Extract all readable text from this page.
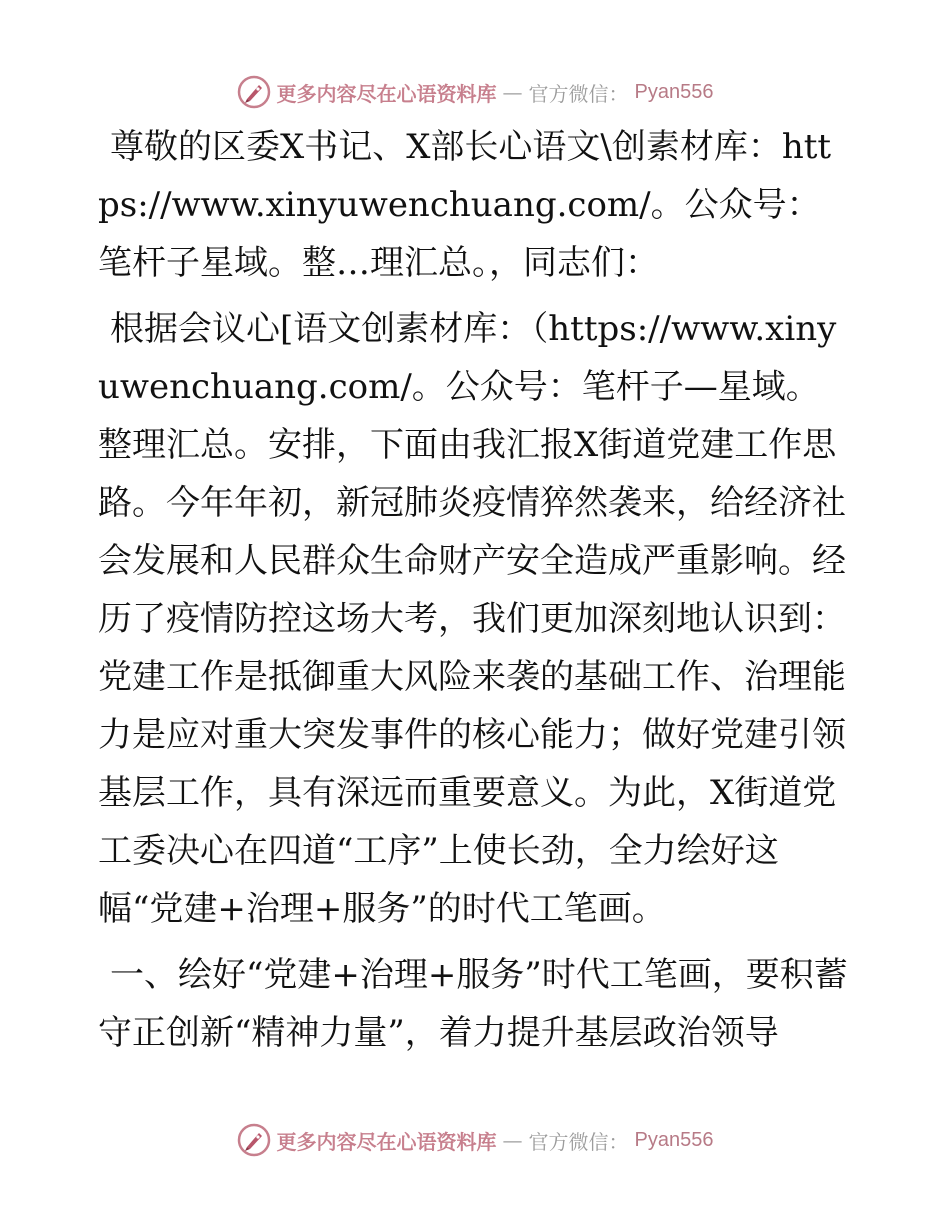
更多内容尽在心语资料库 — 官方微信： Pyan556

尊敬的区委X书记、X部长心语文\创素材库：https://www.xinyuwenchuang.com/。公众号：笔杆子星域。整…理汇总。，同志们：

根据会议心[语文创素材库：（https://www.xinyuwenchuang.com/。公众号：笔杆子—星域。整理汇总。安排，下面由我汇报X街道党建工作思路。今年年初，新冠肺炎疫情猝然袭来，给经济社会发展和人民群众生命财产安全造成严重影响。经历了疫情防控这场大考，我们更加深刻地认识到：党建工作是抵御重大风险来袭的基础工作、治理能力是应对重大突发事件的核心能力；做好党建引领基层工作，具有深远而重要意义。为此，X街道党工委决心在四道“工序”上使长劲，全力绘好这幅“党建+治理+服务”的时代工笔画。

一、绘好“党建+治理+服务”时代工笔画，要积蓄守正创新“精神力量”，着力提升基层政治领导

更多内容尽在心语资料库 — 官方微信： Pyan556
